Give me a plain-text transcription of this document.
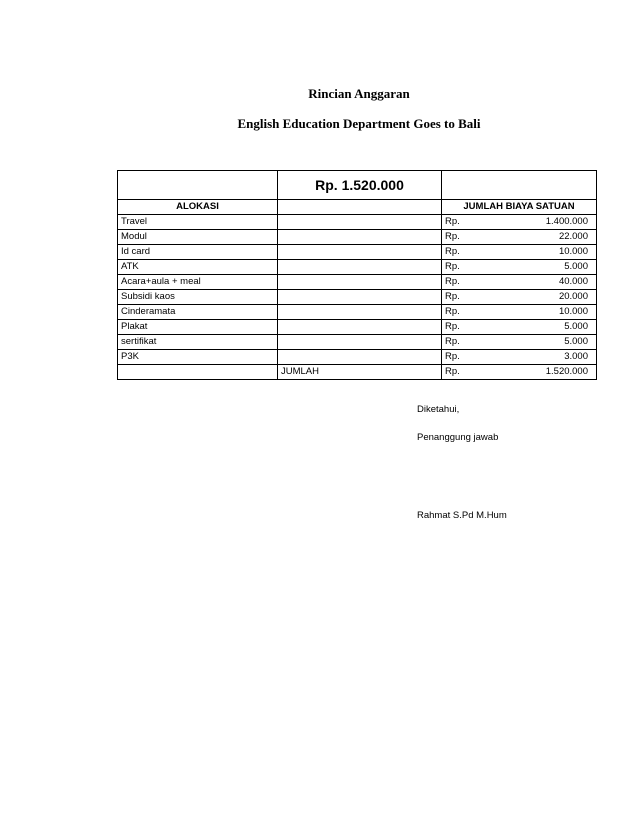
Rincian Anggaran
English Education Department Goes to Bali
	Rp. 1.520.000	
ALOKASI		JUMLAH BIAYA SATUAN
Travel		Rp. 1.400.000

Modul		Rp. 22.000

Id card		Rp. 10.000

ATK		Rp. 5.000

Acara+aula + meal		Rp. 40.000

Subsidi kaos		Rp. 20.000

Cinderamata		Rp. 10.000

Plakat		Rp. 5.000

sertifikat		Rp. 5.000

P3K		Rp. 3.000

	JUMLAH	Rp. 1.520.000

Diketahui,

Penanggung jawab

Rahmat S.Pd M.Hum
